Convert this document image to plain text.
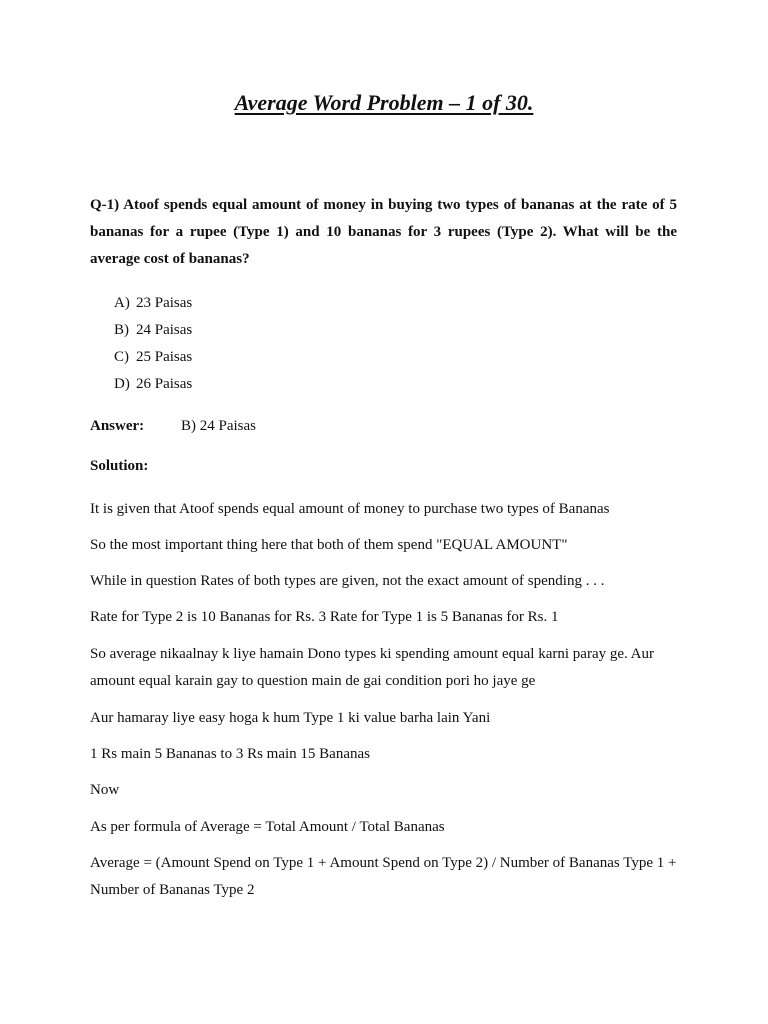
Average Word Problem – 1 of 30.
Q-1) Atoof spends equal amount of money in buying two types of bananas at the rate of 5 bananas for a rupee (Type 1) and 10 bananas for 3 rupees (Type 2). What will be the average cost of bananas?
A) 23 Paisas
B) 24 Paisas
C) 25 Paisas
D) 26 Paisas
Answer: B) 24 Paisas
Solution:
It is given that Atoof spends equal amount of money to purchase two types of Bananas
So the most important thing here that both of them spend "EQUAL AMOUNT"
While in question Rates of both types are given, not the exact amount of spending . . .
Rate for Type 2 is 10 Bananas for Rs. 3 Rate for Type 1 is 5 Bananas for Rs. 1
So average nikaalnay k liye hamain Dono types ki spending amount equal karni paray ge. Aur amount equal karain gay to question main de gai condition pori ho jaye ge
Aur hamaray liye easy hoga k hum Type 1 ki value barha lain Yani
1 Rs main 5 Bananas to 3 Rs main 15 Bananas
Now
As per formula of Average = Total Amount / Total Bananas
Average = (Amount Spend on Type 1 + Amount Spend on Type 2) / Number of Bananas Type 1 + Number of Bananas Type 2
